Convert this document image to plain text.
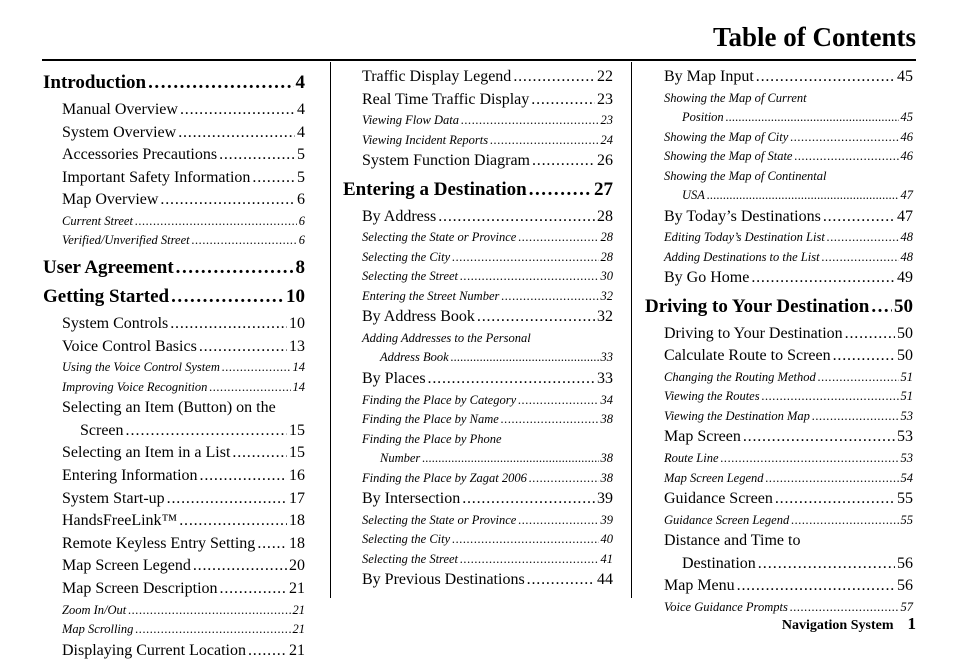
Table of Contents
Introduction . . .	4
Manual Overview . . .	4
System Overview . . .	4
Accessories Precautions . . .	5
Important Safety Information . . .	5
Map Overview . . .	6
Current Street . . .	6
Verified/Unverified Street . . .	6
User Agreement . . .	8
Getting Started . . .	10
System Controls . . .	10
Voice Control Basics . . .	13
Using the Voice Control System . . .	14
Improving Voice Recognition . . .	14
Selecting an Item (Button) on the
Screen . . .	15
Selecting an Item in a List . . .	15
Entering Information . . .	16
System Start-up . . .	17
HandsFreeLink™ . . .	18
Remote Keyless Entry Setting . . . 18
Map Screen Legend . . .	20
Map Screen Description . . .	21
Zoom In/Out . . .	21
Map Scrolling . . .	21
Displaying Current Location . . .	21
Traffic Display Legend . . .	22
Real Time Traffic Display . . .	23
Viewing Flow Data . . .	23
Viewing Incident Reports . . .	24
System Function Diagram . . .	26
Entering a Destination . . .	27
By Address . . .	28
Selecting the State or Province . . .	28
Selecting the City . . .	28
Selecting the Street . . .	30
Entering the Street Number . . .	32
By Address Book . . .	32
Adding Addresses to the Personal
Address Book . . .	33
By Places . . .	33
Finding the Place by Category . . .	34
Finding the Place by Name . . .	38
Finding the Place by Phone
Number . . .	38
Finding the Place by Zagat 2006 . . .	38
By Intersection . . .	39
Selecting the State or Province . . .	39
Selecting the City . . .	40
Selecting the Street . . .	41
By Previous Destinations . . .	44
By Map Input . . .	45
Showing the Map of Current
Position . . .	45
Showing the Map of City . . .	46
Showing the Map of State . . .	46
Showing the Map of Continental
USA . . .	47
By Today’s Destinations . . .	47
Editing Today’s Destination List . . .	48
Adding Destinations to the List . . .	48
By Go Home . . .	49
Driving to Your Destination . . . 50
Driving to Your Destination . . .	50
Calculate Route to Screen . . .	50
Changing the Routing Method . . .	51
Viewing the Routes . . .	51
Viewing the Destination Map . . .	53
Map Screen . . .	53
Route Line . . .	53
Map Screen Legend . . .	54
Guidance Screen . . .	55
Guidance Screen Legend . . .	55
Distance and Time to
Destination . . .	56
Map Menu . . .	56
Voice Guidance Prompts . . .	57
Navigation System 1
